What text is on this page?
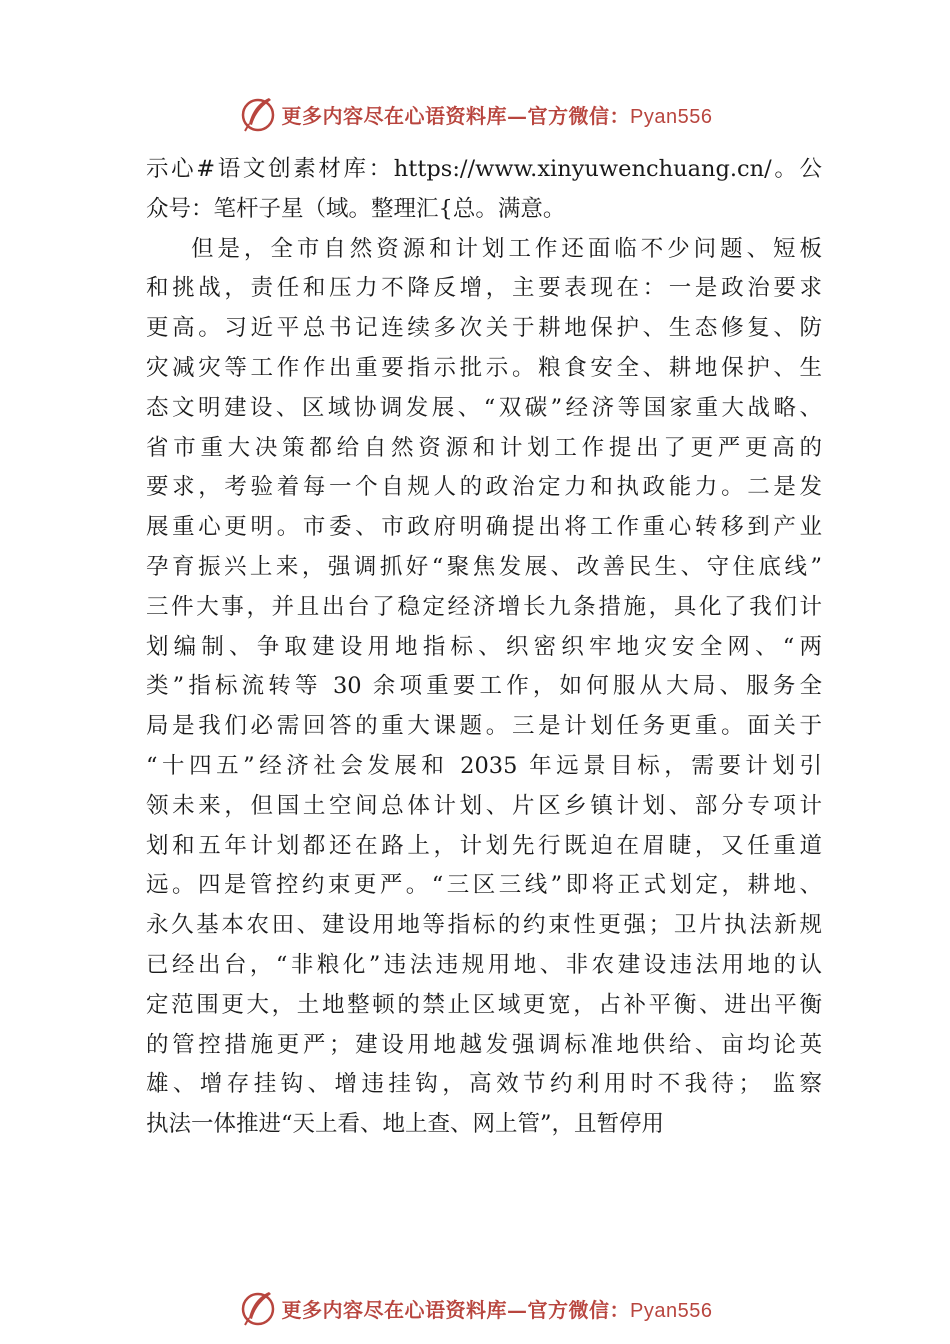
更多内容尽在心语资料库—官方微信：Pyan556
示心#语文创素材库：https://www.xinyuwenchuang.cn/。公
众号：笔杆子星（域。整理汇{总。满意。
但是，全市自然资源和计划工作还面临不少问题、短板
和挑战，责任和压力不降反增，主要表现在：一是政治要求
更高。习近平总书记连续多次关于耕地保护、生态修复、防
灾减灾等工作作出重要指示批示。粮食安全、耕地保护、生
态文明建设、区域协调发展、“双碳”经济等国家重大战略、
省市重大决策都给自然资源和计划工作提出了更严更高的
要求，考验着每一个自规人的政治定力和执政能力。二是发
展重心更明。市委、市政府明确提出将工作重心转移到产业
孕育振兴上来，强调抓好“聚焦发展、改善民生、守住底线”
三件大事，并且出台了稳定经济增长九条措施，具化了我们计
划编制、争取建设用地指标、织密织牢地灾安全网、“两
类”指标流转等 30 余项重要工作，如何服从大局、服务全
局是我们必需回答的重大课题。三是计划任务更重。面关于
“十四五”经济社会发展和 2035 年远景目标，需要计划引
领未来，但国土空间总体计划、片区乡镇计划、部分专项计
划和五年计划都还在路上，计划先行既迫在眉睫，又任重道
远。四是管控约束更严。“三区三线”即将正式划定，耕地、
永久基本农田、建设用地等指标的约束性更强；卫片执法新规
已经出台，“非粮化”违法违规用地、非农建设违法用地的认
定范围更大，土地整顿的禁止区域更宽，占补平衡、进出平衡
的管控措施更严；建设用地越发强调标准地供给、亩均论英
雄、增存挂钩、增违挂钩，高效节约利用时不我待； 监察
执法一体推进“天上看、地上查、网上管”，且暂停用
更多内容尽在心语资料库—官方微信：Pyan556
